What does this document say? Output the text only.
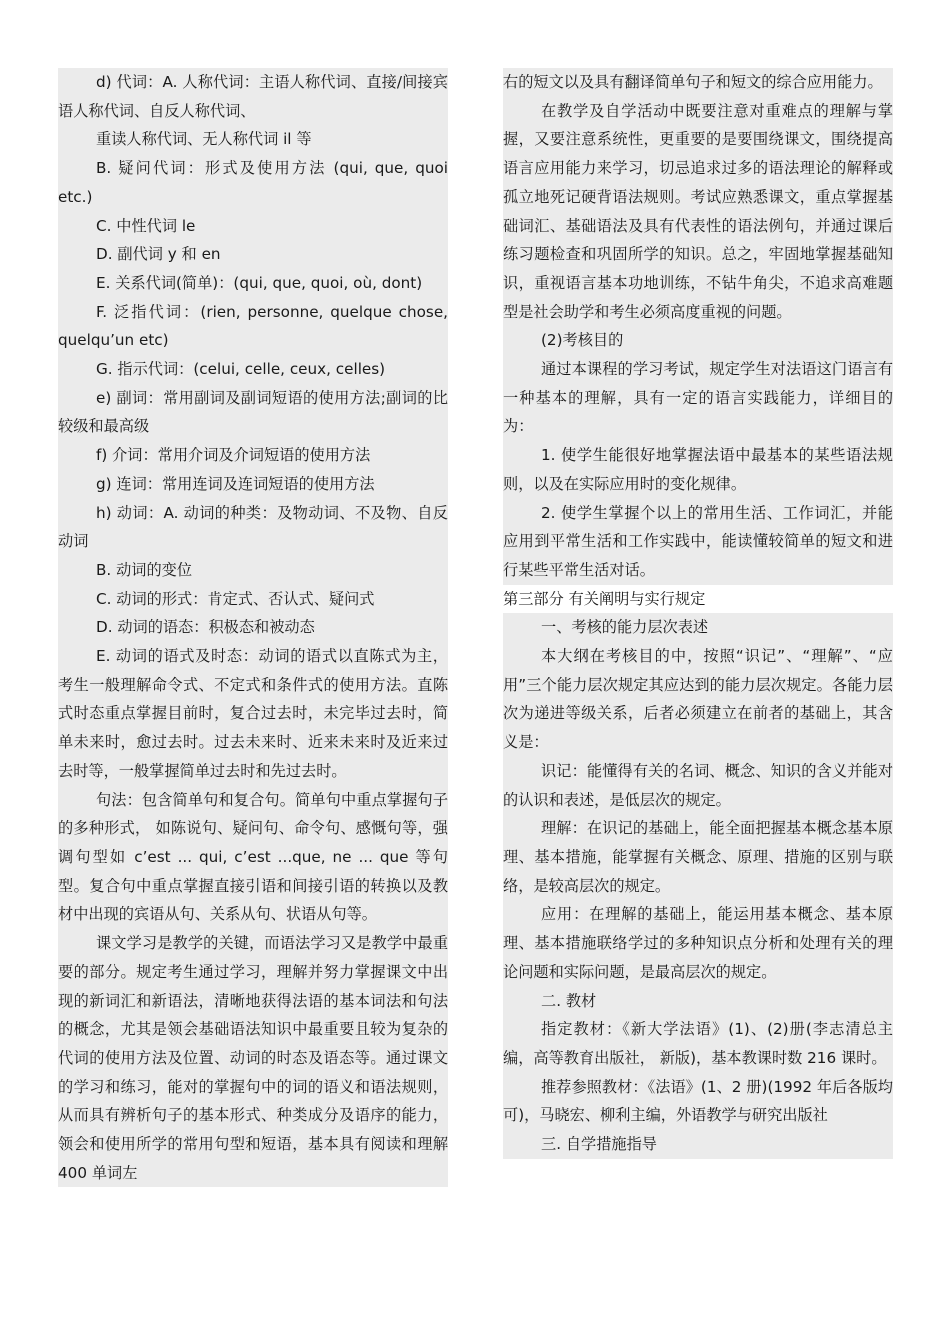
d) 代词：A. 人称代词：主语人称代词、直接/间接宾语人称代词、自反人称代词、

重读人称代词、无人称代词 il 等

B. 疑问代词：形式及使用方法 (qui, que, quoi etc.)

C. 中性代词 le

D. 副代词 y 和 en

E. 关系代词(简单)：(qui, que, quoi, où, dont)

F. 泛指代词：(rien, personne, quelque chose, quelqu’un etc)

G. 指示代词：(celui, celle, ceux, celles)

e) 副词：常用副词及副词短语的使用方法;副词的比较级和最高级

f) 介词：常用介词及介词短语的使用方法

g) 连词：常用连词及连词短语的使用方法

h) 动词：A. 动词的种类：及物动词、不及物、自反动词

B. 动词的变位

C. 动词的形式：肯定式、否认式、疑问式

D. 动词的语态：积极态和被动态

E. 动词的语式及时态：动词的语式以直陈式为主，考生一般理解命令式、不定式和条件式的使用方法。直陈式时态重点掌握目前时，复合过去时，未完毕过去时，简单未来时，愈过去时。过去未来时、近来未来时及近来过去时等，一般掌握简单过去时和先过去时。

句法：包含简单句和复合句。简单句中重点掌握句子的多种形式， 如陈说句、疑问句、命令句、感慨句等，强调句型如 c’est ... qui, c’est ...que, ne ... que 等句型。复合句中重点掌握直接引语和间接引语的转换以及教材中出现的宾语从句、关系从句、状语从句等。

课文学习是教学的关键，而语法学习又是教学中最重要的部分。规定考生通过学习，理解并努力掌握课文中出现的新词汇和新语法，清晰地获得法语的基本词法和句法的概念，尤其是领会基础语法知识中最重要且较为复杂的代词的使用方法及位置、动词的时态及语态等。通过课文的学习和练习，能对的掌握句中的词的语义和语法规则，从而具有辨析句子的基本形式、种类成分及语序的能力，领会和使用所学的常用句型和短语，基本具有阅读和理解 400 单词左

右的短文以及具有翻译简单句子和短文的综合应用能力。

在教学及自学活动中既要注意对重难点的理解与掌握，又要注意系统性，更重要的是要围绕课文，围绕提高语言应用能力来学习，切忌追求过多的语法理论的解释或孤立地死记硬背语法规则。考试应熟悉课文，重点掌握基础词汇、基础语法及具有代表性的语法例句，并通过课后练习题检查和巩固所学的知识。总之，牢固地掌握基础知识，重视语言基本功地训练，不钻牛角尖，不追求高难题型是社会助学和考生必须高度重视的问题。

(2)考核目的

通过本课程的学习考试，规定学生对法语这门语言有一种基本的理解，具有一定的语言实践能力，详细目的为：

1. 使学生能很好地掌握法语中最基本的某些语法规则，以及在实际应用时的变化规律。

2. 使学生掌握个以上的常用生活、工作词汇，并能应用到平常生活和工作实践中，能读懂较简单的短文和进行某些平常生活对话。

第三部分 有关阐明与实行规定

一、考核的能力层次表述

本大纲在考核目的中，按照“识记”、“理解”、“应用”三个能力层次规定其应达到的能力层次规定。各能力层次为递进等级关系，后者必须建立在前者的基础上，其含义是：

识记：能懂得有关的名词、概念、知识的含义并能对的认识和表述，是低层次的规定。

理解：在识记的基础上，能全面把握基本概念基本原理、基本措施，能掌握有关概念、原理、措施的区别与联络，是较高层次的规定。

应用：在理解的基础上，能运用基本概念、基本原理、基本措施联络学过的多种知识点分析和处理有关的理论问题和实际问题，是最高层次的规定。

二. 教材

指定教材：《新大学法语》(1)、(2)册(李志清总主编，高等教育出版社， 新版)，基本教课时数 216 课时。

推荐参照教材：《法语》(1、2 册)(1992 年后各版均可)，马晓宏、柳利主编，外语教学与研究出版社

三. 自学措施指导
